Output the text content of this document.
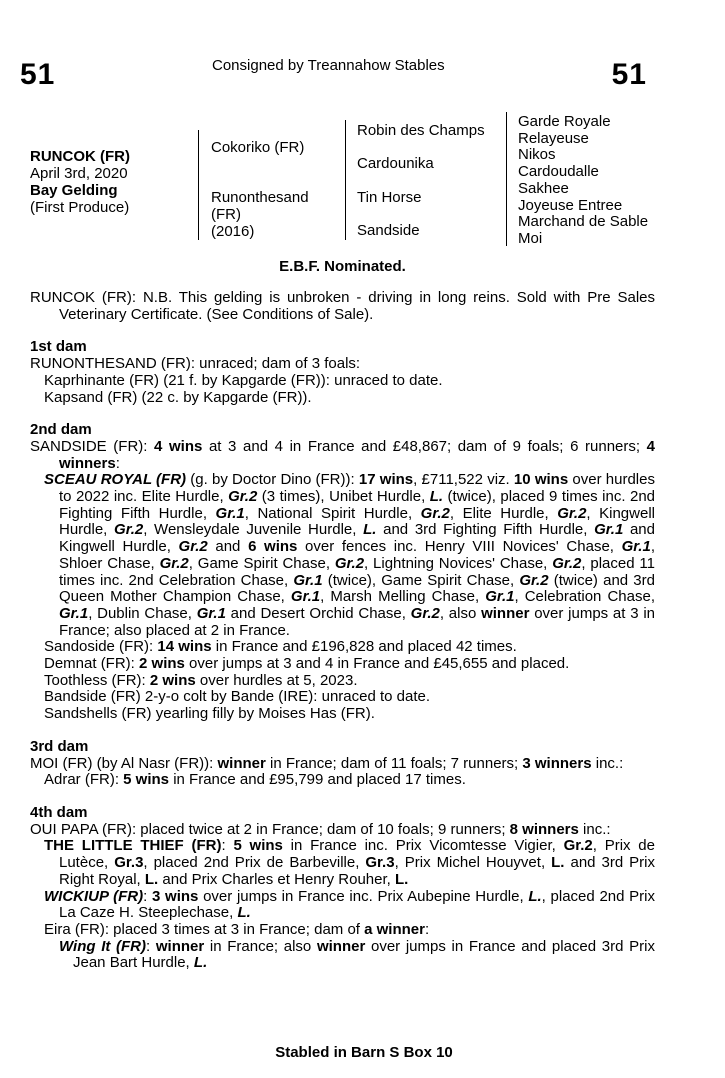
51	51
Consigned by Treannahow Stables
RUNCOK (FR)
April 3rd, 2020
Bay Gelding
(First Produce)
Cokoriko (FR)
Runonthesand
(FR)
(2016)
Robin des Champs
Cardounika
Tin Horse
Sandside
Garde Royale
Relayeuse
Nikos
Cardoudalle
Sakhee
Joyeuse Entree
Marchand de Sable
Moi
E.B.F. Nominated.
RUNCOK (FR): N.B. This gelding is unbroken - driving in long reins. Sold with Pre Sales Veterinary Certificate. (See Conditions of Sale).
1st dam
RUNONTHESAND (FR): unraced; dam of 3 foals:
Kaprhinante (FR) (21 f. by Kapgarde (FR)): unraced to date.
Kapsand (FR) (22 c. by Kapgarde (FR)).
2nd dam
SANDSIDE (FR): 4 wins at 3 and 4 in France and £48,867; dam of 9 foals; 6 runners; 4 winners:
SCEAU ROYAL (FR) (g. by Doctor Dino (FR)): 17 wins, £711,522 viz. 10 wins over hurdles to 2022 inc. Elite Hurdle, Gr.2 (3 times), Unibet Hurdle, L. (twice), placed 9 times inc. 2nd Fighting Fifth Hurdle, Gr.1, National Spirit Hurdle, Gr.2, Elite Hurdle, Gr.2, Kingwell Hurdle, Gr.2, Wensleydale Juvenile Hurdle, L. and 3rd Fighting Fifth Hurdle, Gr.1 and Kingwell Hurdle, Gr.2 and 6 wins over fences inc. Henry VIII Novices' Chase, Gr.1, Shloer Chase, Gr.2, Game Spirit Chase, Gr.2, Lightning Novices' Chase, Gr.2, placed 11 times inc. 2nd Celebration Chase, Gr.1 (twice), Game Spirit Chase, Gr.2 (twice) and 3rd Queen Mother Champion Chase, Gr.1, Marsh Melling Chase, Gr.1, Celebration Chase, Gr.1, Dublin Chase, Gr.1 and Desert Orchid Chase, Gr.2, also winner over jumps at 3 in France; also placed at 2 in France.
Sandoside (FR): 14 wins in France and £196,828 and placed 42 times.
Demnat (FR): 2 wins over jumps at 3 and 4 in France and £45,655 and placed.
Toothless (FR): 2 wins over hurdles at 5, 2023.
Bandside (FR) 2-y-o colt by Bande (IRE): unraced to date.
Sandshells (FR) yearling filly by Moises Has (FR).
3rd dam
MOI (FR) (by Al Nasr (FR)): winner in France; dam of 11 foals; 7 runners; 3 winners inc.:
Adrar (FR): 5 wins in France and £95,799 and placed 17 times.
4th dam
OUI PAPA (FR): placed twice at 2 in France; dam of 10 foals; 9 runners; 8 winners inc.:
THE LITTLE THIEF (FR): 5 wins in France inc. Prix Vicomtesse Vigier, Gr.2, Prix de Lutèce, Gr.3, placed 2nd Prix de Barbeville, Gr.3, Prix Michel Houyvet, L. and 3rd Prix Right Royal, L. and Prix Charles et Henry Rouher, L.
WICKIUP (FR): 3 wins over jumps in France inc. Prix Aubepine Hurdle, L., placed 2nd Prix La Caze H. Steeplechase, L.
Eira (FR): placed 3 times at 3 in France; dam of a winner:
Wing It (FR): winner in France; also winner over jumps in France and placed 3rd Prix Jean Bart Hurdle, L.
Stabled in Barn S Box 10
